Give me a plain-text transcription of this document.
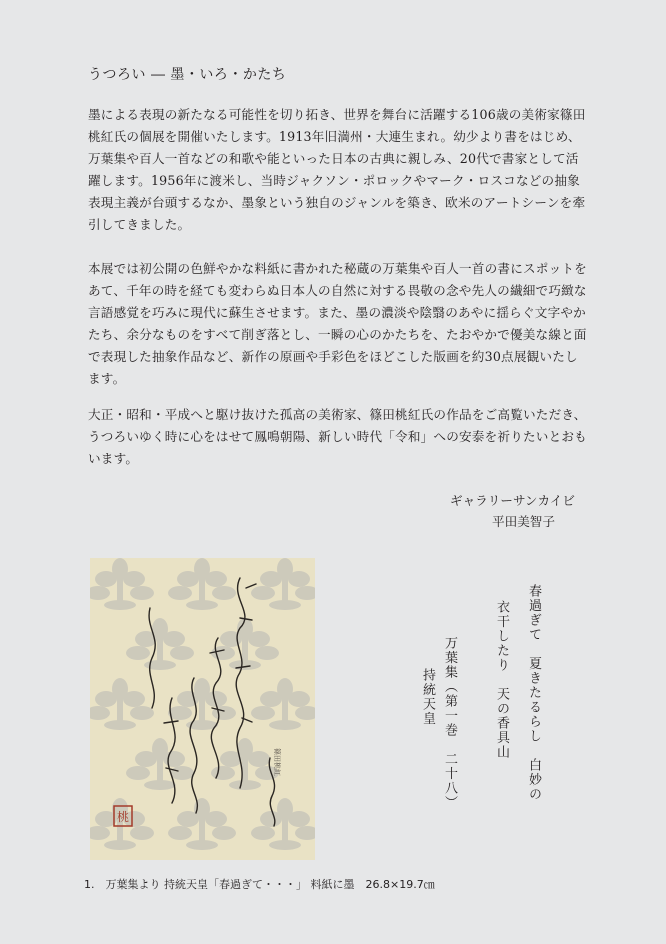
うつろい ― 墨・いろ・かたち

墨による表現の新たなる可能性を切り拓き、世界を舞台に活躍する106歳の美術家篠田桃紅氏の個展を開催いたします。1913年旧満州・大連生まれ。幼少より書をはじめ、万葉集や百人一首などの和歌や能といった日本の古典に親しみ、20代で書家として活躍します。1956年に渡米し、当時ジャクソン・ポロックやマーク・ロスコなどの抽象表現主義が台頭するなか、墨象という独自のジャンルを築き、欧米のアートシーンを牽引してきました。

本展では初公開の色鮮やかな料紙に書かれた秘蔵の万葉集や百人一首の書にスポットをあて、千年の時を経ても変わらぬ日本人の自然に対する畏敬の念や先人の繊細で巧緻な言語感覚を巧みに現代に蘇生させます。また、墨の濃淡や陰翳のあやに揺らぐ文字やかたち、余分なものをすべて削ぎ落とし、一瞬の心のかたちを、たおやかで優美な線と面で表現した抽象作品など、新作の原画や手彩色をほどこした版画を約30点展観いたします。

大正・昭和・平成へと駆け抜けた孤高の美術家、篠田桃紅氏の作品をご高覧いただき、うつろいゆく時に心をはせて鳳鳴朝陽、新しい時代「令和」への安泰を祈りたいとおもいます。

ギャラリーサンカイビ
平田美智子
篠田桃紅
桃
春過ぎて　夏きたるらし　白妙の
衣干したり　天の香具山
万葉集（第一巻　二十八）
持統天皇
1.　万葉集より 持統天皇「春過ぎて・・・」 料紙に墨　26.8×19.7㎝
